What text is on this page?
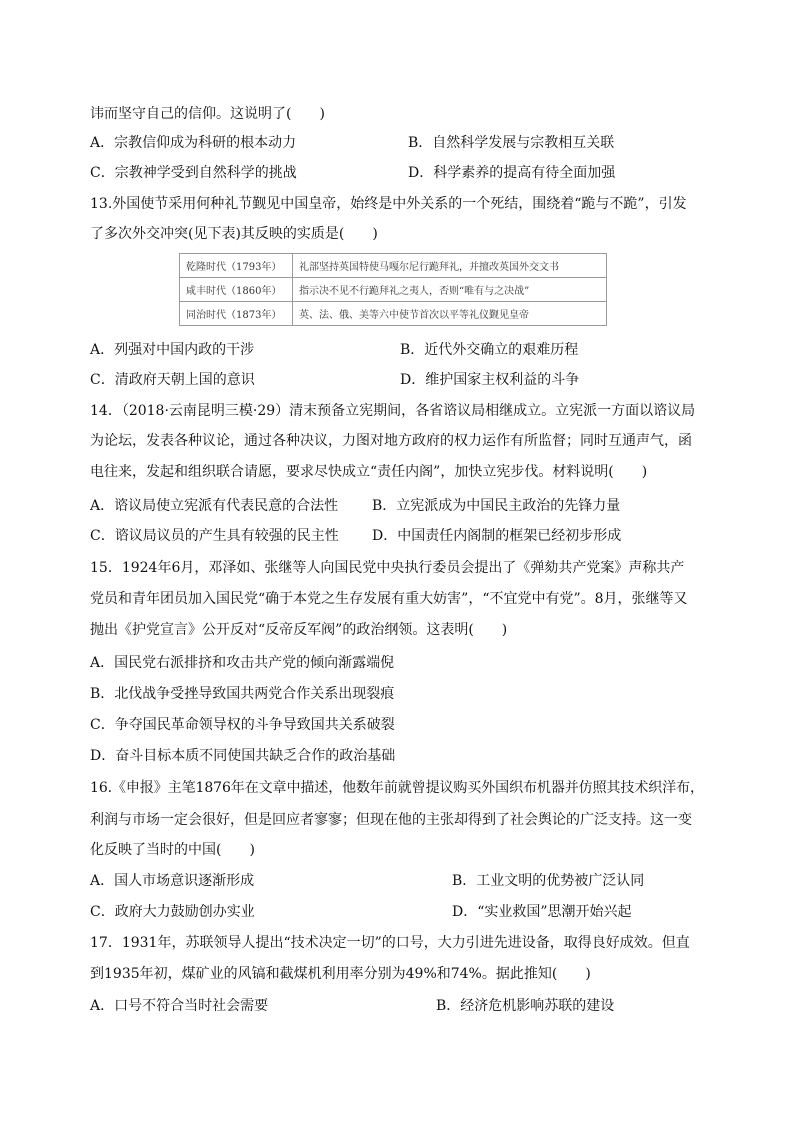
讳而坚守自己的信仰。这说明了(　　)
A．宗教信仰成为科研的根本动力	B．自然科学发展与宗教相互关联
C．宗教神学受到自然科学的挑战	D．科学素养的提高有待全面加强
13.外国使节采用何种礼节觐见中国皇帝，始终是中外关系的一个死结，围绕着“跪与不跪”，引发
了多次外交冲突(见下表)其反映的实质是(　　)
乾隆时代（1793年）	礼部坚持英国特使马嘎尔尼行跪拜礼，并擅改英国外交文书
咸丰时代（1860年）	指示决不见不行跪拜礼之夷人，否则“唯有与之决战”
同治时代（1873年）	英、法、俄、美等六中使节首次以平等礼仪觐见皇帝
A．列强对中国内政的干涉	B．近代外交确立的艰难历程
C．清政府天朝上国的意识	D．维护国家主权利益的斗争
14．（2018·云南昆明三模·29）清末预备立宪期间，各省谘议局相继成立。立宪派一方面以谘议局
为论坛，发表各种议论，通过各种决议，力图对地方政府的权力运作有所监督；同时互通声气，函
电往来，发起和组织联合请愿，要求尽快成立“责任内阁”，加快立宪步伐。材料说明(　　)
A．谘议局使立宪派有代表民意的合法性 B．立宪派成为中国民主政治的先锋力量
C．谘议局议员的产生具有较强的民主性 D．中国责任内阁制的框架已经初步形成
15．1924年6月，邓泽如、张继等人向国民党中央执行委员会提出了《弹劾共产党案》声称共产
党员和青年团员加入国民党“确于本党之生存发展有重大妨害”，“不宜党中有党”。8月，张继等又
抛出《护党宣言》公开反对“反帝反军阀”的政治纲领。这表明(　　)
A．国民党右派排挤和攻击共产党的倾向渐露端倪
B．北伐战争受挫导致国共两党合作关系出现裂痕
C．争夺国民革命领导权的斗争导致国共关系破裂
D．奋斗目标本质不同使国共缺乏合作的政治基础
16.《申报》主笔1876年在文章中描述，他数年前就曾提议购买外国织布机器并仿照其技术织洋布，
利润与市场一定会很好，但是回应者寥寥；但现在他的主张却得到了社会舆论的广泛支持。这一变
化反映了当时的中国(　　)
A．国人市场意识逐渐形成	B．工业文明的优势被广泛认同
C．政府大力鼓励创办实业	D．“实业救国”思潮开始兴起
17．1931年，苏联领导人提出“技术决定一切”的口号，大力引进先进设备，取得良好成效。但直
到1935年初，煤矿业的风镐和截煤机利用率分别为49%和74%。据此推知(　　)
A．口号不符合当时社会需要	B．经济危机影响苏联的建设
